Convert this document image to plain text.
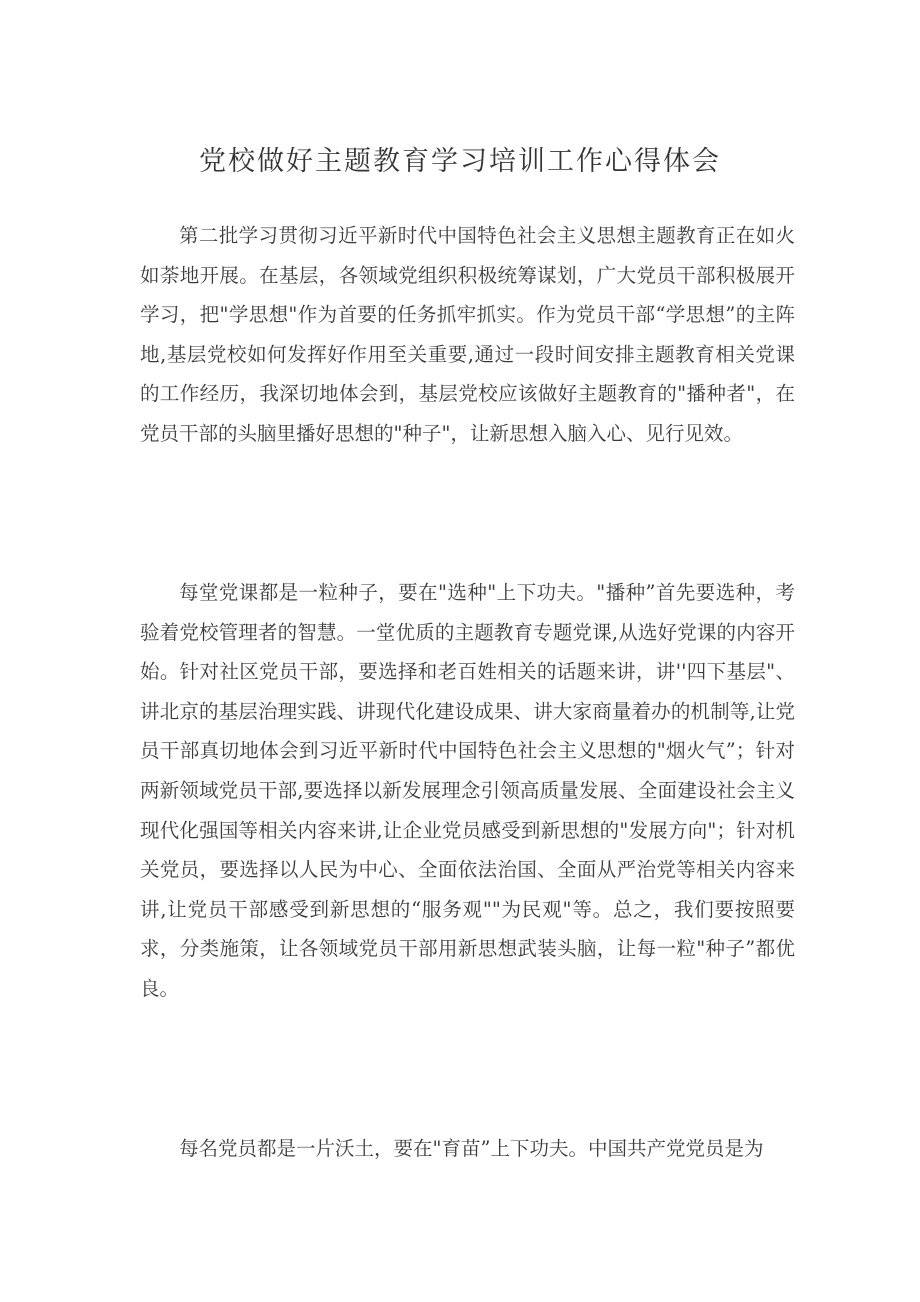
党校做好主题教育学习培训工作心得体会

第二批学习贯彻习近平新时代中国特色社会主义思想主题教育正在如火如荼地开展。在基层，各领域党组织积极统筹谋划，广大党员干部积极展开学习，把"学思想"作为首要的任务抓牢抓实。作为党员干部“学思想”的主阵地,基层党校如何发挥好作用至关重要,通过一段时间安排主题教育相关党课的工作经历，我深切地体会到，基层党校应该做好主题教育的"播种者"，在党员干部的头脑里播好思想的"种子"，让新思想入脑入心、见行见效。

每堂党课都是一粒种子，要在"选种"上下功夫。"播种”首先要选种，考验着党校管理者的智慧。一堂优质的主题教育专题党课,从选好党课的内容开始。针对社区党员干部，要选择和老百姓相关的话题来讲，讲''四下基层"、讲北京的基层治理实践、讲现代化建设成果、讲大家商量着办的机制等,让党员干部真切地体会到习近平新时代中国特色社会主义思想的"烟火气”；针对两新领域党员干部,要选择以新发展理念引领高质量发展、全面建设社会主义现代化强国等相关内容来讲,让企业党员感受到新思想的"发展方向"；针对机关党员，要选择以人民为中心、全面依法治国、全面从严治党等相关内容来讲,让党员干部感受到新思想的“服务观""为民观"等。总之，我们要按照要求，分类施策，让各领域党员干部用新思想武装头脑，让每一粒"种子”都优良。

每名党员都是一片沃土，要在"育苗”上下功夫。中国共产党党员是为
